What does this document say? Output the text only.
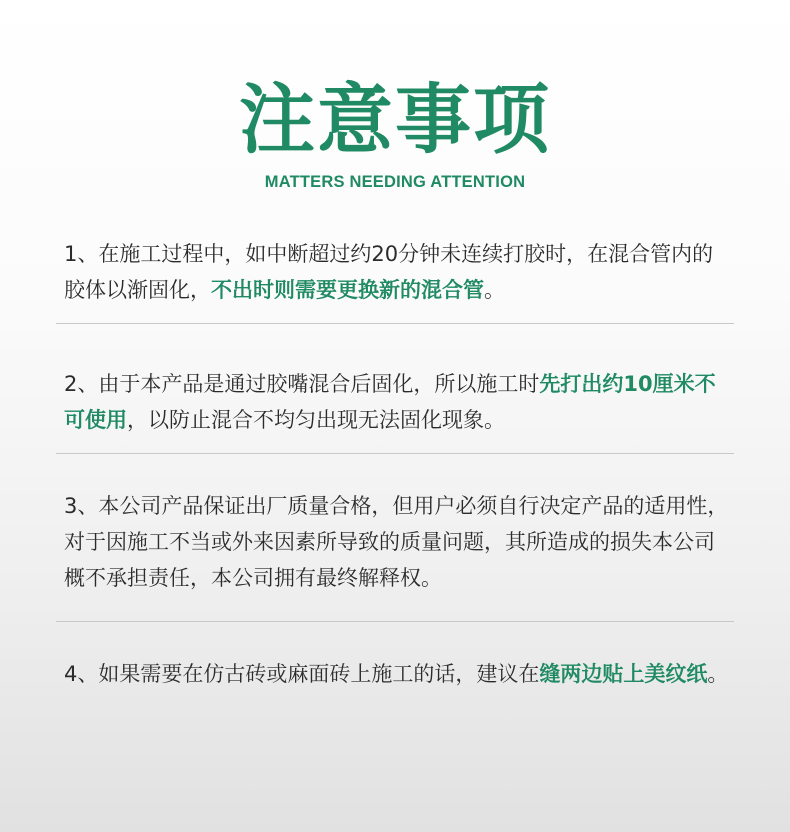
注意事项
MATTERS NEEDING ATTENTION

1、在施工过程中，如中断超过约20分钟未连续打胶时，在混合管内的胶体以渐固化，不出时则需要更换新的混合管。

2、由于本产品是通过胶嘴混合后固化，所以施工时先打出约10厘米不可使用，以防止混合不均匀出现无法固化现象。

3、本公司产品保证出厂质量合格，但用户必须自行决定产品的适用性，对于因施工不当或外来因素所导致的质量问题，其所造成的损失本公司概不承担责任，本公司拥有最终解释权。

4、如果需要在仿古砖或麻面砖上施工的话，建议在缝两边贴上美纹纸。
